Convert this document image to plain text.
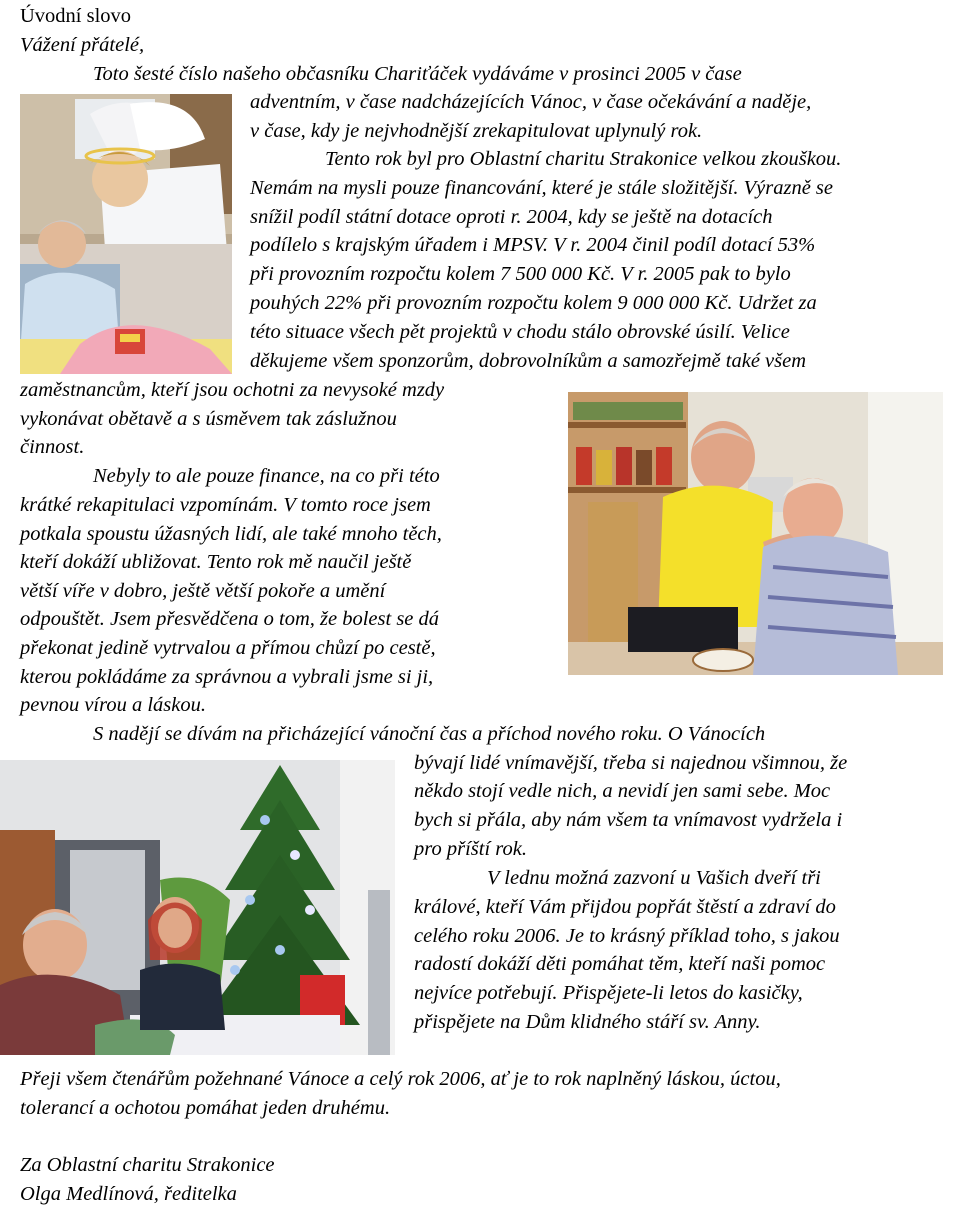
Úvodní slovo
Vážení přátelé,
Toto šesté číslo našeho občasníku Chariťáček vydáváme v prosinci 2005 v čase
adventním, v čase nadcházejících Vánoc, v čase očekávání a naděje,
v čase, kdy je nejvhodnější zrekapitulovat uplynulý rok.
Tento rok byl pro Oblastní charitu Strakonice velkou zkouškou.
Nemám na mysli pouze financování, které je stále složitější. Výrazně se
snížil podíl státní dotace oproti r. 2004, kdy se ještě na dotacích
podílelo s krajským úřadem i MPSV. V r. 2004 činil podíl dotací 53%
při provozním rozpočtu kolem 7 500 000 Kč. V r. 2005 pak to bylo
pouhých 22% při provozním rozpočtu kolem 9 000 000 Kč. Udržet za
této situace všech pět projektů v chodu stálo obrovské úsilí. Velice
děkujeme všem sponzorům, dobrovolníkům a samozřejmě také všem
zaměstnancům, kteří jsou ochotni za nevysoké mzdy
vykonávat obětavě a s úsměvem tak záslužnou
činnost.
Nebyly to ale pouze finance, na co při této
krátké rekapitulaci vzpomínám. V tomto roce jsem
potkala spoustu úžasných lidí, ale také mnoho těch,
kteří dokáží ubližovat. Tento rok mě naučil ještě
větší víře v dobro, ještě větší pokoře a umění
odpouštět. Jsem přesvědčena o tom, že bolest se dá
překonat jedině vytrvalou a přímou chůzí po cestě,
kterou pokládáme za správnou a vybrali jsme si ji,
pevnou vírou a láskou.
S nadějí se dívám na přicházející vánoční čas a příchod nového roku. O Vánocích
bývají lidé vnímavější, třeba si najednou všimnou, že
někdo stojí vedle nich, a nevidí jen sami sebe. Moc
bych si přála, aby nám všem ta vnímavost vydržela i
pro příští rok.
V lednu možná zazvoní u Vašich dveří tři
králové, kteří Vám přijdou popřát štěstí a zdraví do
celého roku 2006. Je to krásný příklad toho, s jakou
radostí dokáží děti pomáhat těm, kteří naši pomoc
nejvíce potřebují. Přispějete-li letos do kasičky,
přispějete na Dům klidného stáří sv. Anny.
Přeji všem čtenářům požehnané Vánoce a celý rok 2006, ať je to rok naplněný láskou, úctou,
tolerancí a ochotou pomáhat jeden druhému.
Za Oblastní charitu Strakonice
Olga Medlínová, ředitelka
